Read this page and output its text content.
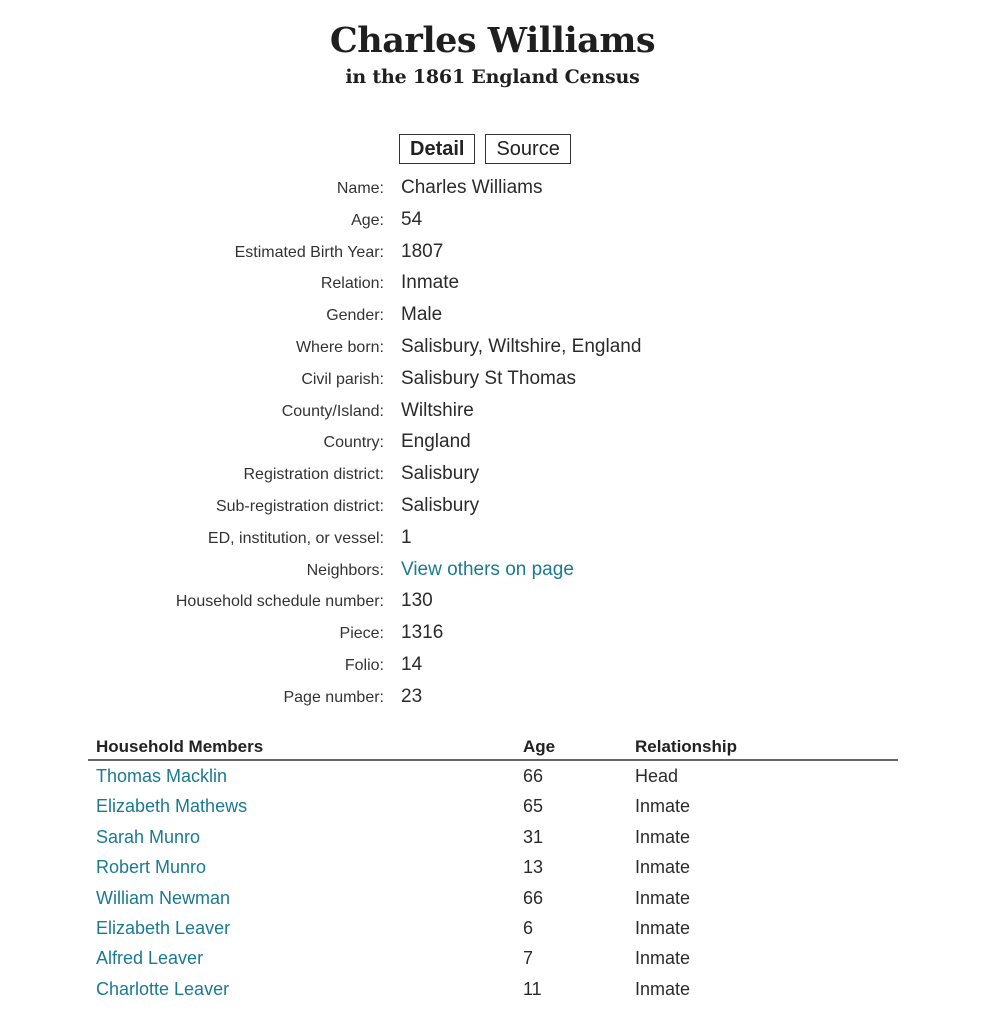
Charles Williams
in the 1861 England Census
Detail	Source
Name: Charles Williams
Age: 54
Estimated Birth Year: 1807
Relation: Inmate
Gender: Male
Where born: Salisbury, Wiltshire, England
Civil parish: Salisbury St Thomas
County/Island: Wiltshire
Country: England
Registration district: Salisbury
Sub-registration district: Salisbury
ED, institution, or vessel: 1
Neighbors: View others on page
Household schedule number: 130
Piece: 1316
Folio: 14
Page number: 23
Household Members	Age	Relationship
Thomas Macklin	66	Head
Elizabeth Mathews	65	Inmate
Sarah Munro	31	Inmate
Robert Munro	13	Inmate
William Newman	66	Inmate
Elizabeth Leaver	6	Inmate
Alfred Leaver	7	Inmate
Charlotte Leaver	11	Inmate
